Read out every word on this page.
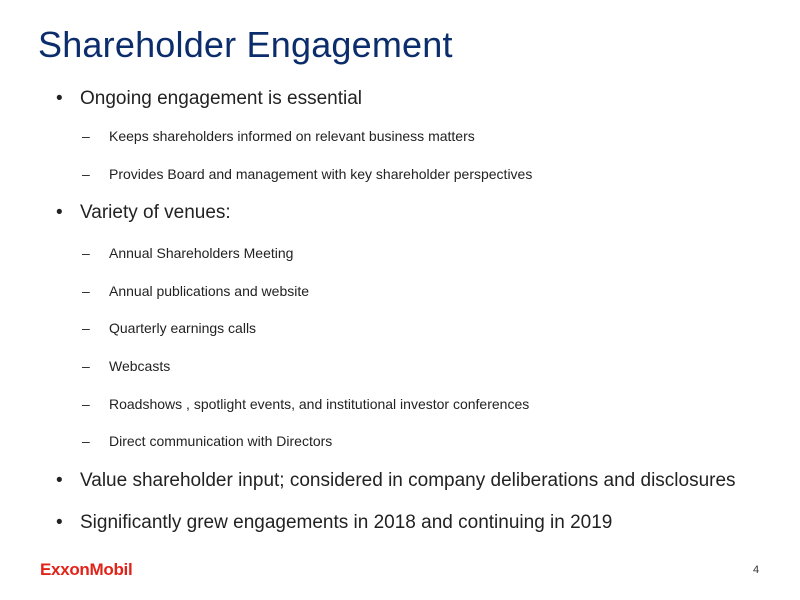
Shareholder Engagement
• Ongoing engagement is essential
– Keeps shareholders informed on relevant business matters
– Provides Board and management with key shareholder perspectives
• Variety of venues:
– Annual Shareholders Meeting
– Annual publications and website
– Quarterly earnings calls
– Webcasts
– Roadshows , spotlight events, and institutional investor conferences
– Direct communication with Directors
• Value shareholder input; considered in company deliberations and disclosures
• Significantly grew engagements in 2018 and continuing in 2019
ExxonMobil	4
